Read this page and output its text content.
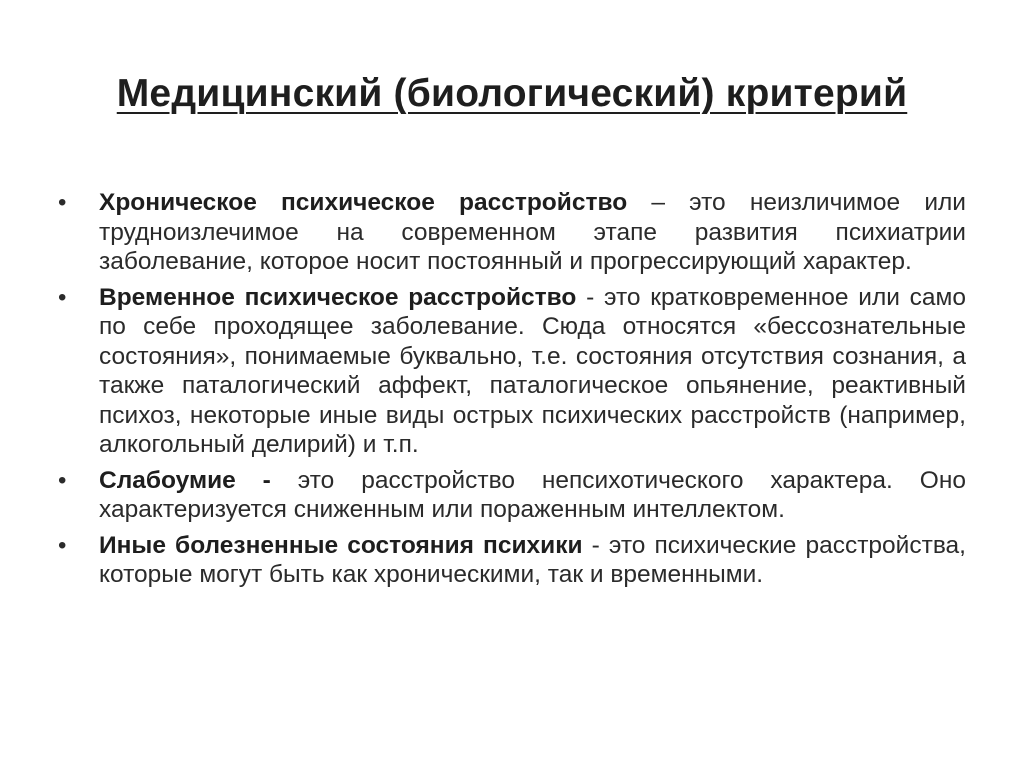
Медицинский (биологический) критерий
• Хроническое психическое расстройство – это неизличимое или трудноизлечимое на современном этапе развития психиатрии заболевание, которое носит постоянный и прогрессирующий характер.
• Временное психическое расстройство - это кратковременное или само по себе проходящее заболевание. Сюда относятся «бессознательные состояния», понимаемые буквально, т.е. состояния отсутствия сознания, а также паталогический аффект, паталогическое опьянение, реактивный психоз, некоторые иные виды острых психических расстройств (например, алкогольный делирий) и т.п.
• Слабоумие - это расстройство непсихотического характера. Оно характеризуется сниженным или пораженным интеллектом.
• Иные болезненные состояния психики - это психические расстройства, которые могут быть как хроническими, так и временными.
